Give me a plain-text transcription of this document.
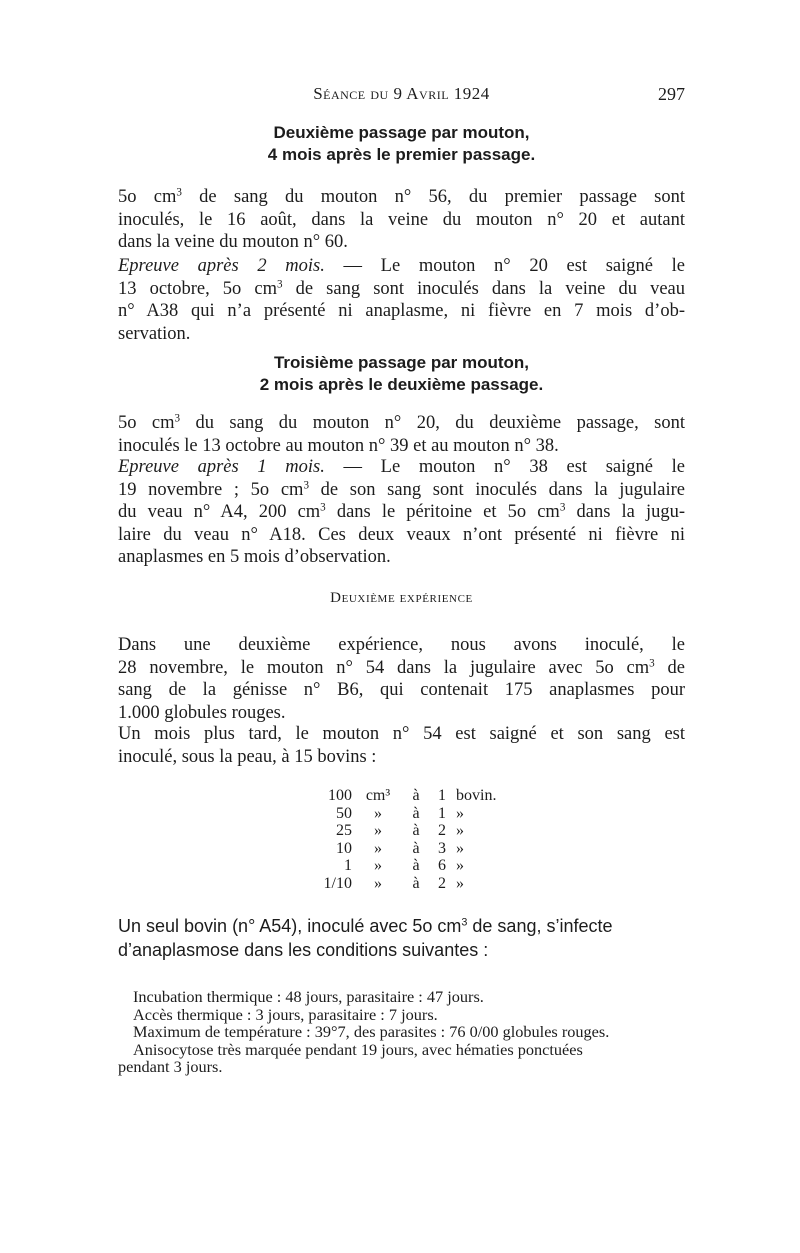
Séance du 9 Avril 1924	297
Deuxième passage par mouton,
4 mois après le premier passage.
5o $cm^3$ de sang du mouton n° 56, du premier passage sont
inoculés, le 16 août, dans la veine du mouton n° 20 et autant
dans la veine du mouton n° 60.
Epreuve après 2 mois. — Le mouton n° 20 est saigné le
13 octobre, 5o $cm^3$ de sang sont inoculés dans la veine du veau
n° A38 qui n’a présenté ni anaplasme, ni fièvre en 7 mois d’ob-
servation.
Troisième passage par mouton,
2 mois après le deuxième passage.
5o $cm^3$ du sang du mouton n° 20, du deuxième passage, sont
inoculés le 13 octobre au mouton n° 39 et au mouton n° 38.
Epreuve après 1 mois. — Le mouton n° 38 est saigné le
19 novembre ; 5o $cm^3$ de son sang sont inoculés dans la jugulaire
du veau n° A4, 200 $cm^3$ dans le péritoine et 5o $cm^3$ dans la jugu-
laire du veau n° A18. Ces deux veaux n’ont présenté ni fièvre ni
anaplasmes en 5 mois d’observation.
Deuxième expérience
Dans une deuxième expérience, nous avons inoculé, le
28 novembre, le mouton n° 54 dans la jugulaire avec 5o $cm^3$ de
sang de la génisse n° B6, qui contenait 175 anaplasmes pour
1.000 globules rouges.
Un mois plus tard, le mouton n° 54 est saigné et son sang est
inoculé, sous la peau, à 15 bovins :
100	cm³	à	1	bovin.
50	»	à	1	»
25	»	à	2	»
10	»	à	3	»
1	»	à	6	»
1/10	»	à	2	»
Un seul bovin (n° A54), inoculé avec 5o $cm^3$ de sang, s’infecte
d’anaplasmose dans les conditions suivantes :
Incubation thermique : 48 jours, parasitaire : 47 jours.
Accès thermique : 3 jours, parasitaire : 7 jours.
Maximum de température : 39°7, des parasites : 76 0/00 globules rouges.
Anisocytose très marquée pendant 19 jours, avec hématies ponctuées
pendant 3 jours.
